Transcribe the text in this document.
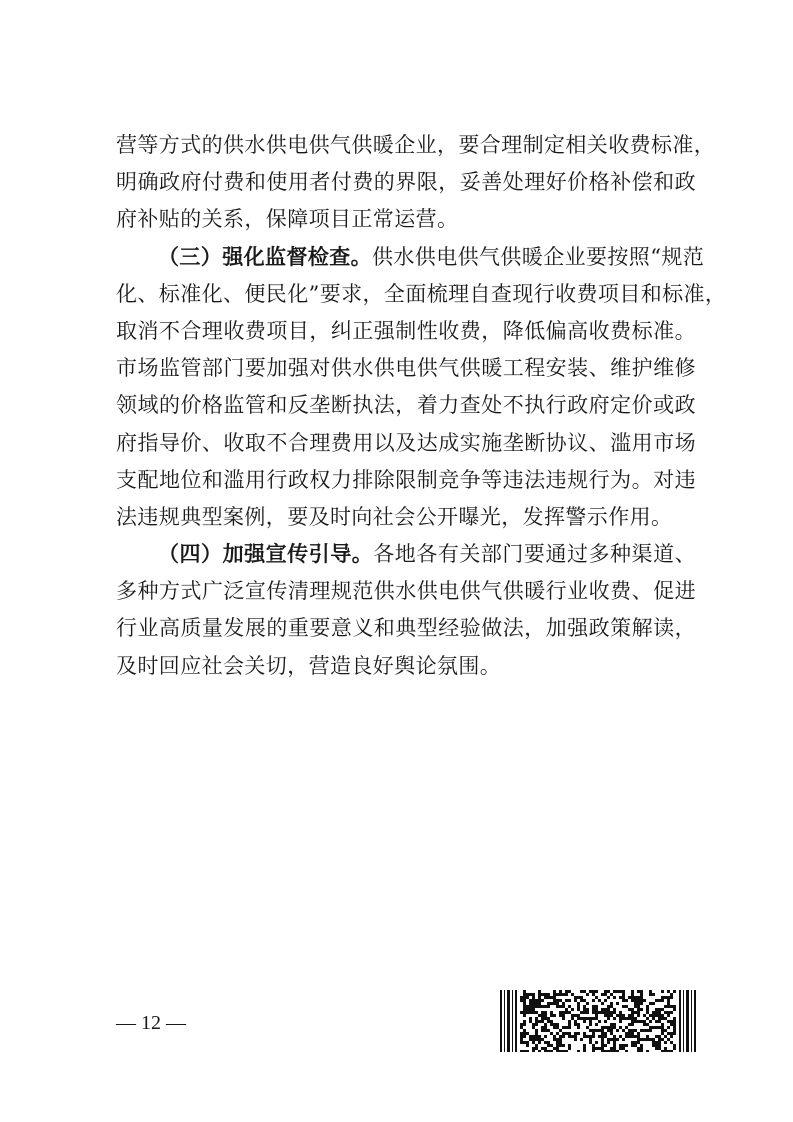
营等方式的供水供电供气供暖企业，要合理制定相关收费标准，
明确政府付费和使用者付费的界限，妥善处理好价格补偿和政
府补贴的关系，保障项目正常运营。
（三）强化监督检查。供水供电供气供暖企业要按照“规范
化、标准化、便民化”要求，全面梳理自查现行收费项目和标准，
取消不合理收费项目，纠正强制性收费，降低偏高收费标准。
市场监管部门要加强对供水供电供气供暖工程安装、维护维修
领域的价格监管和反垄断执法，着力查处不执行政府定价或政
府指导价、收取不合理费用以及达成实施垄断协议、滥用市场
支配地位和滥用行政权力排除限制竞争等违法违规行为。对违
法违规典型案例，要及时向社会公开曝光，发挥警示作用。
（四）加强宣传引导。各地各有关部门要通过多种渠道、
多种方式广泛宣传清理规范供水供电供气供暖行业收费、促进
行业高质量发展的重要意义和典型经验做法，加强政策解读，
及时回应社会关切，营造良好舆论氛围。
— 12 —
